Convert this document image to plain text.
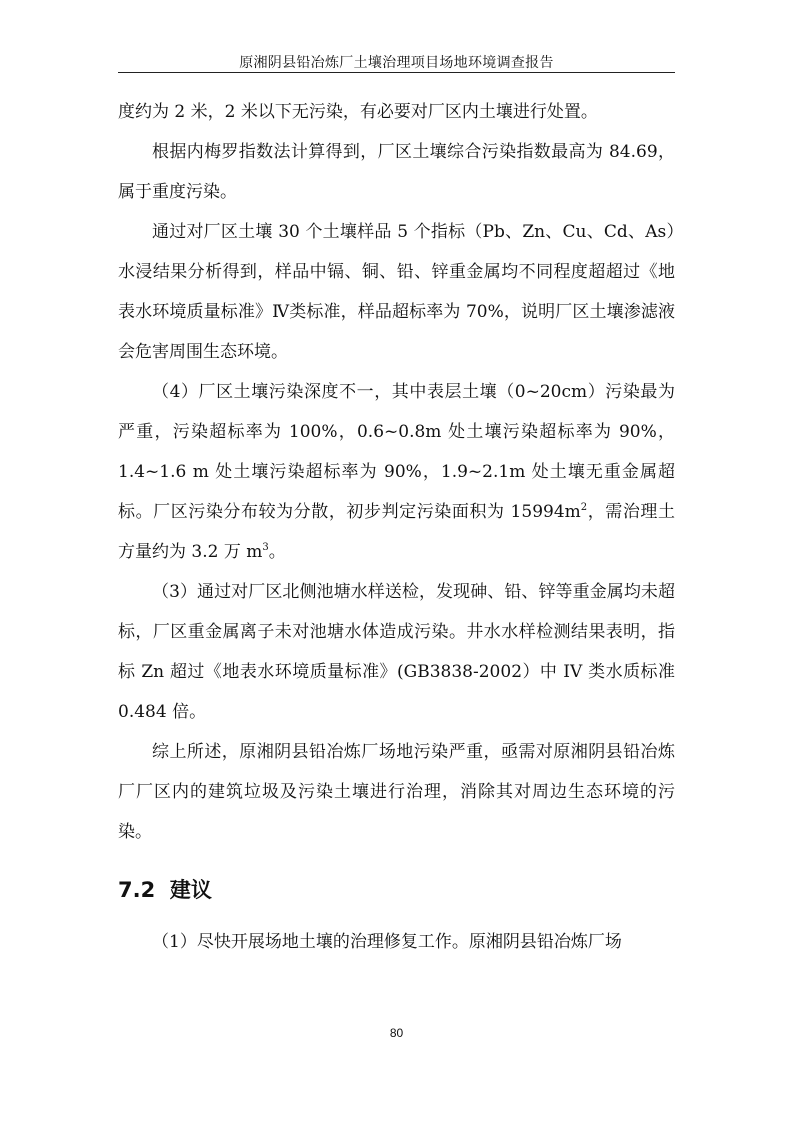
原湘阴县铅冶炼厂土壤治理项目场地环境调查报告

度约为 2 米，2 米以下无污染，有必要对厂区内土壤进行处置。

根据内梅罗指数法计算得到，厂区土壤综合污染指数最高为 84.69，属于重度污染。

通过对厂区土壤 30 个土壤样品 5 个指标（Pb、Zn、Cu、Cd、As）水浸结果分析得到，样品中镉、铜、铅、锌重金属均不同程度超超过《地表水环境质量标准》Ⅳ类标准，样品超标率为 70%，说明厂区土壤渗滤液会危害周围生态环境。

（4）厂区土壤污染深度不一，其中表层土壤（0~20cm）污染最为严重，污染超标率为 100%，0.6~0.8m 处土壤污染超标率为 90%，1.4~1.6 m 处土壤污染超标率为 90%，1.9~2.1m 处土壤无重金属超标。厂区污染分布较为分散，初步判定污染面积为 $15994m^2$，需治理土方量约为 3.2 万 $m^3$。

（3）通过对厂区北侧池塘水样送检，发现砷、铅、锌等重金属均未超标，厂区重金属离子未对池塘水体造成污染。井水水样检测结果表明，指标 Zn 超过《地表水环境质量标准》(GB3838-2002）中 IV 类水质标准 0.484 倍。

综上所述，原湘阴县铅冶炼厂场地污染严重，亟需对原湘阴县铅冶炼厂厂区内的建筑垃圾及污染土壤进行治理，消除其对周边生态环境的污染。

7.2 建议

（1）尽快开展场地土壤的治理修复工作。原湘阴县铅冶炼厂场

80
